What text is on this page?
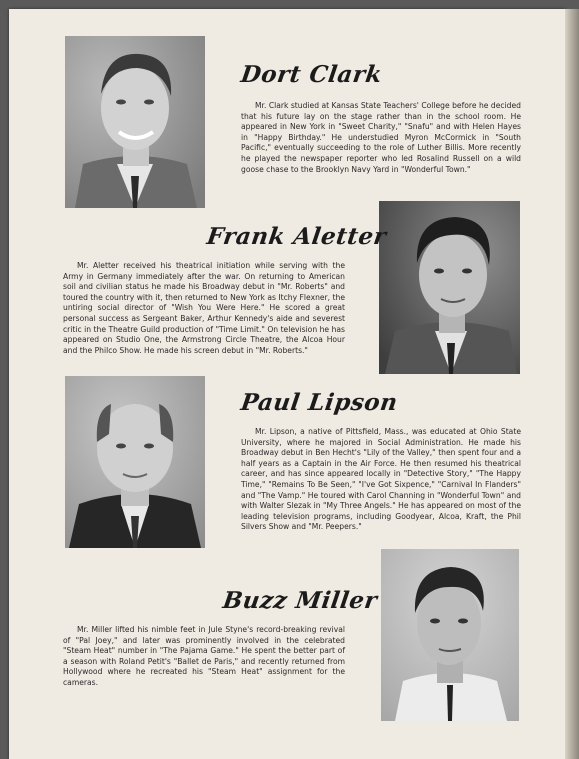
Dort Clark

Mr. Clark studied at Kansas State Teachers' College before he decided that his future lay on the stage rather than in the school room. He appeared in New York in "Sweet Charity," "Snafu" and with Helen Hayes in "Happy Birthday." He understudied Myron McCormick in "South Pacific," eventually succeeding to the role of Luther Billis. More recently he played the newspaper reporter who led Rosalind Russell on a wild goose chase to the Brooklyn Navy Yard in "Wonderful Town."

Frank Aletter

Mr. Aletter received his theatrical initiation while serving with the Army in Germany immediately after the war. On returning to American soil and civilian status he made his Broadway debut in "Mr. Roberts" and toured the country with it, then returned to New York as Itchy Flexner, the untiring social director of "Wish You Were Here." He scored a great personal success as Sergeant Baker, Arthur Kennedy's aide and severest critic in the Theatre Guild production of "Time Limit." On television he has appeared on Studio One, the Armstrong Circle Theatre, the Alcoa Hour and the Philco Show. He made his screen debut in "Mr. Roberts."

Paul Lipson

Mr. Lipson, a native of Pittsfield, Mass., was educated at Ohio State University, where he majored in Social Administration. He made his Broadway debut in Ben Hecht's "Lily of the Valley," then spent four and a half years as a Captain in the Air Force. He then resumed his theatrical career, and has since appeared locally in "Detective Story," "The Happy Time," "Remains To Be Seen," "I've Got Sixpence," "Carnival In Flanders" and "The Vamp." He toured with Carol Channing in "Wonderful Town" and with Walter Slezak in "My Three Angels." He has appeared on most of the leading television programs, including Goodyear, Alcoa, Kraft, the Phil Silvers Show and "Mr. Peepers."

Buzz Miller

Mr. Miller lifted his nimble feet in Jule Styne's record-breaking revival of "Pal Joey," and later was prominently involved in the celebrated "Steam Heat" number in "The Pajama Game." He spent the better part of a season with Roland Petit's "Ballet de Paris," and recently returned from Hollywood where he recreated his "Steam Heat" assignment for the cameras.
